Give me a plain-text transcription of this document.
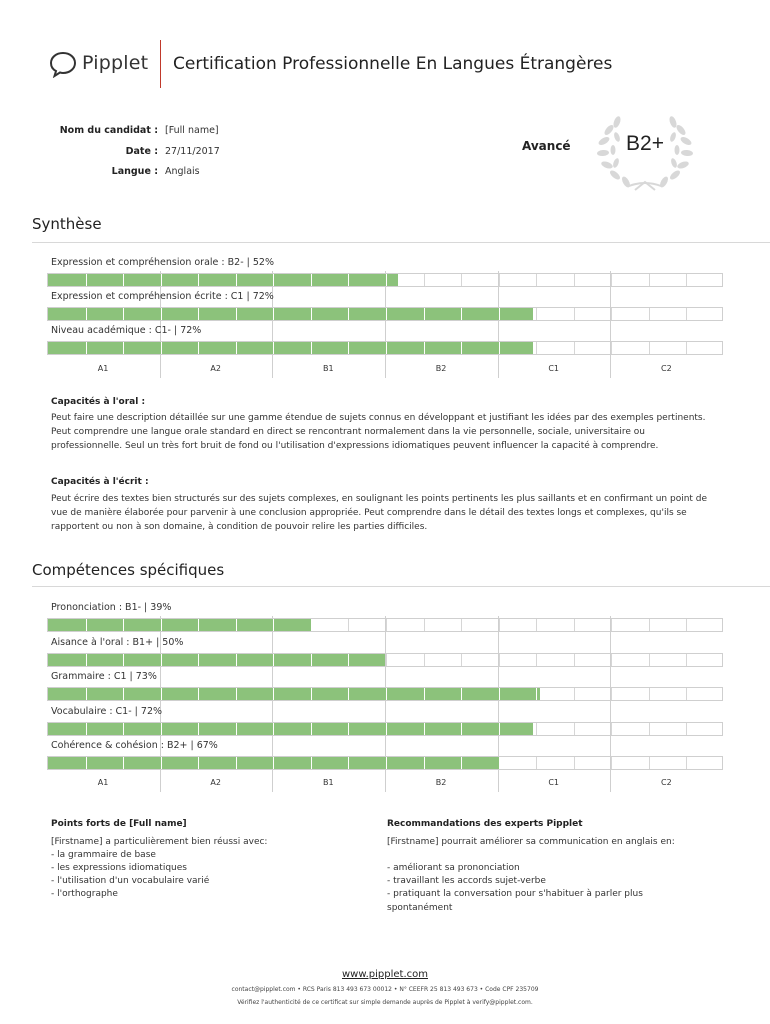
Pipplet Certification Professionnelle En Langues Étrangères
Nom du candidat : [Full name]
Date : 27/11/2017
Langue : Anglais
Avancé	B2+
Synthèse
Expression et compréhension orale : B2- | 52%
Expression et compréhension écrite : C1 | 72%
Niveau académique : C1- | 72%
A1	A2	B1	B2	C1	C2
Capacités à l'oral :
Peut faire une description détaillée sur une gamme étendue de sujets connus en développant et justifiant les idées par des exemples pertinents. Peut comprendre une langue orale standard en direct se rencontrant normalement dans la vie personnelle, sociale, universitaire ou professionnelle. Seul un très fort bruit de fond ou l'utilisation d'expressions idiomatiques peuvent influencer la capacité à comprendre.
Capacités à l'écrit :
Peut écrire des textes bien structurés sur des sujets complexes, en soulignant les points pertinents les plus saillants et en confirmant un point de vue de manière élaborée pour parvenir à une conclusion appropriée. Peut comprendre dans le détail des textes longs et complexes, qu'ils se rapportent ou non à son domaine, à condition de pouvoir relire les parties difficiles.
Compétences spécifiques
Prononciation : B1- | 39%
Aisance à l'oral : B1+ | 50%
Grammaire : C1 | 73%
Vocabulaire : C1- | 72%
Cohérence & cohésion : B2+ | 67%
A1	A2	B1	B2	C1	C2
Points forts de [Full name]
[Firstname] a particulièrement bien réussi avec:
- la grammaire de base
- les expressions idiomatiques
- l'utilisation d'un vocabulaire varié
- l'orthographe
Recommandations des experts Pipplet
[Firstname] pourrait améliorer sa communication en anglais en:
- améliorant sa prononciation
- travaillant les accords sujet-verbe
- pratiquant la conversation pour s'habituer à parler plus
spontanément
www.pipplet.com
contact@pipplet.com • RCS Paris 813 493 673 00012 • N° CEEFR 25 813 493 673 • Code CPF 235709
Vérifiez l'authenticité de ce certificat sur simple demande auprès de Pipplet à verify@pipplet.com.
